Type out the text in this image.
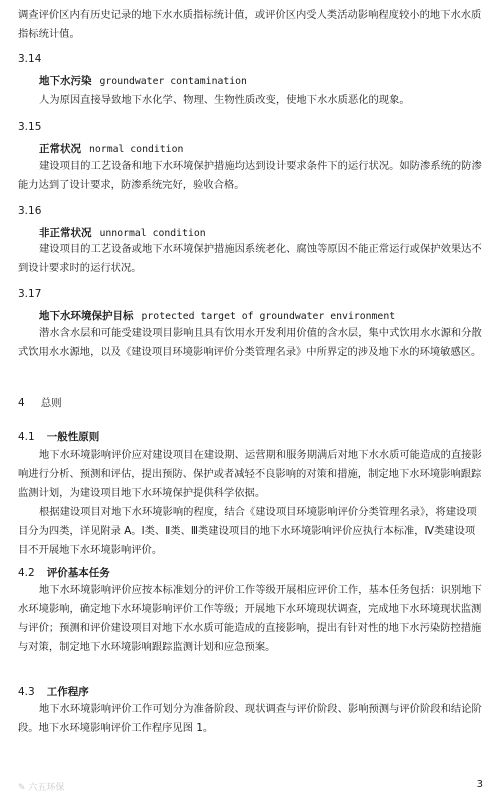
调查评价区内有历史记录的地下水水质指标统计值，或评价区内受人类活动影响程度较小的地下水水质指标统计值。

3.14
地下水污染 groundwater contamination

人为原因直接导致地下水化学、物理、生物性质改变，使地下水水质恶化的现象。

3.15
正常状况 normal condition

建设项目的工艺设备和地下水环境保护措施均达到设计要求条件下的运行状况。如防渗系统的防渗能力达到了设计要求，防渗系统完好，验收合格。

3.16
非正常状况 unnormal condition

建设项目的工艺设备或地下水环境保护措施因系统老化、腐蚀等原因不能正常运行或保护效果达不到设计要求时的运行状况。

3.17
地下水环境保护目标 protected target of groundwater environment

潜水含水层和可能受建设项目影响且具有饮用水开发利用价值的含水层，集中式饮用水水源和分散式饮用水水源地，以及《建设项目环境影响评价分类管理名录》中所界定的涉及地下水的环境敏感区。

4 总则
4.1 一般性原则

地下水环境影响评价应对建设项目在建设期、运营期和服务期满后对地下水水质可能造成的直接影响进行分析、预测和评估，提出预防、保护或者减轻不良影响的对策和措施，制定地下水环境影响跟踪监测计划，为建设项目地下水环境保护提供科学依据。

根据建设项目对地下水环境影响的程度，结合《建设项目环境影响评价分类管理名录》，将建设项目分为四类，详见附录 A。Ⅰ类、Ⅱ类、Ⅲ类建设项目的地下水环境影响评价应执行本标准，Ⅳ类建设项目不开展地下水环境影响评价。

4.2 评价基本任务

地下水环境影响评价应按本标准划分的评价工作等级开展相应评价工作，基本任务包括：识别地下水环境影响，确定地下水环境影响评价工作等级；开展地下水环境现状调查，完成地下水环境现状监测与评价；预测和评价建设项目对地下水水质可能造成的直接影响，提出有针对性的地下水污染防控措施与对策，制定地下水环境影响跟踪监测计划和应急预案。

4.3 工作程序

地下水环境影响评价工作可划分为准备阶段、现状调查与评价阶段、影响预测与评价阶段和结论阶段。地下水环境影响评价工作程序见图 1。

✎ 六五环保	3
